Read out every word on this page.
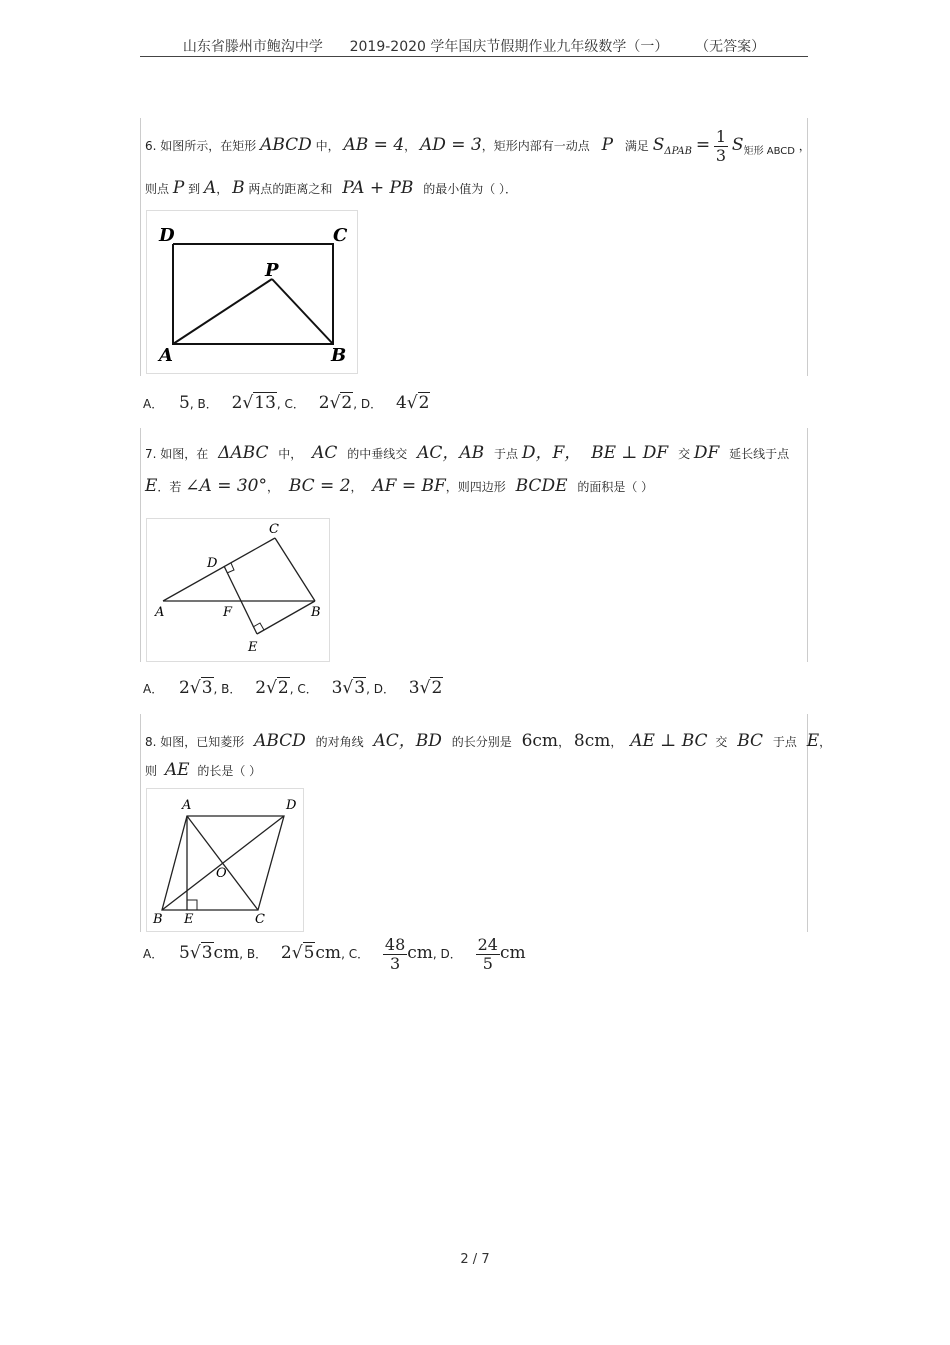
山东省滕州市鲍沟中学      2019-2020 学年国庆节假期作业九年级数学（一）      （无答案）
6. 如图所示，在矩形 ABCD 中， AB = 4， AD = 3，矩形内部有一动点 P 满足 $S_{\Delta PAB} = \frac{1}{3} S_{矩形 ABCD}$ ，
则点 P 到 A， B 两点的距离之和 PA + PB 的最小值为（ ）．
D	C
P
A	B
A． 5, B． 2√13, C． 2√2, D． 4√2
7. 如图，在 ΔABC 中， AC 的中垂线交 AC，AB 于点 D，F， BE ⊥ DF 交 DF 延长线于点
E．若 ∠A = 30°， BC = 2， AF = BF，则四边形 BCDE 的面积是（ ）
C
D
A	F	B
E
A． 2√3, B． 2√2, C． 3√3, D． 3√2
8. 如图，已知菱形 ABCD 的对角线 AC，BD 的长分别是 6cm， 8cm， AE ⊥ BC 交 BC 于点 E，
则 AE 的长是（ ）
A	D
O
B E	C
A． 5√3cm, B． 2√5cm, C． $\frac{48}{3}$ cm, D． $\frac{24}{5}$ cm
2 / 7
